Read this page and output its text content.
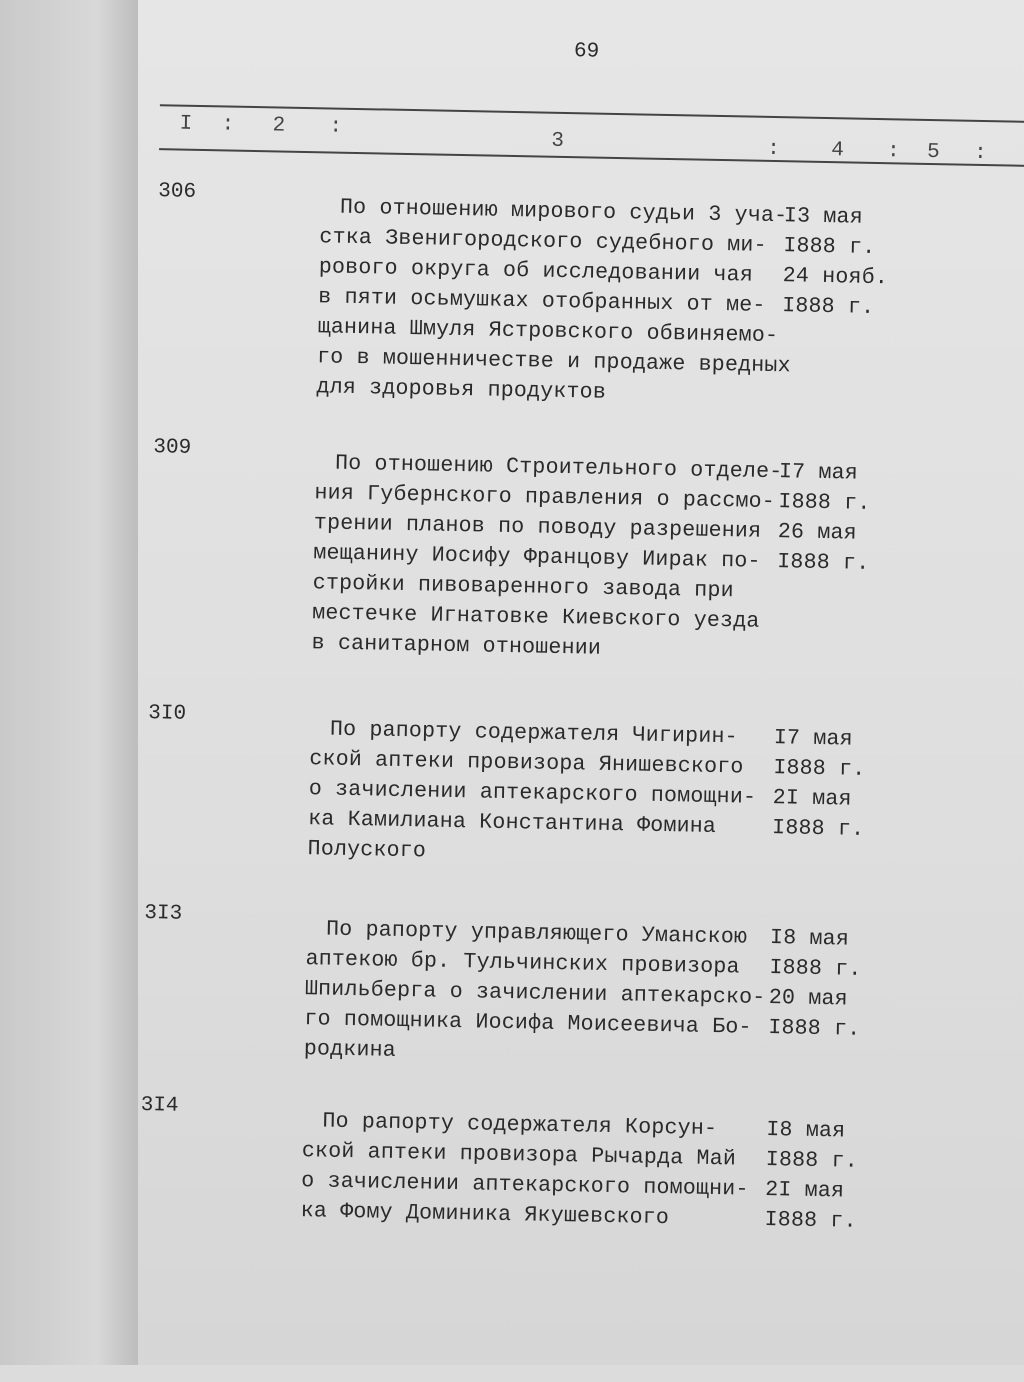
69
I : 2 :
3	: 4 : 5 :
306
По отношению мирового судьи 3 уча-
стка Звенигородского судебного ми-
рового округа об исследовании чая
в пяти осьмушках отобранных от ме-
щанина Шмуля Ястровского обвиняемо-
го в мошенничестве и продаже вредных
для здоровья продуктов
I3 мая
I888 г.
24 нояб.
I888 г.
309
По отношению Строительного отделе-
ния Губернского правления о рассмо-
трении планов по поводу разрешения
мещанину Иосифу Францову Иирак по-
стройки пивоваренного завода при
местечке Игнатовке Киевского уезда
в санитарном отношении
I7 мая
I888 г.
26 мая
I888 г.
3I0
По рапорту содержателя Чигирин-
ской аптеки провизора Янишевского
о зачислении аптекарского помощни-
ка Камилиана Константина Фомина
Полуского
I7 мая
I888 г.
2I мая
I888 г.
3I3
По рапорту управляющего Уманскою
аптекою бр. Тульчинских провизора
Шпильберга о зачислении аптекарско-
го помощника Иосифа Моисеевича Бо-
родкина
I8 мая
I888 г.
20 мая
I888 г.
3I4
По рапорту содержателя Корсун-
ской аптеки провизора Рычарда Май
о зачислении аптекарского помощни-
ка Фому Доминика Якушевского
I8 мая
I888 г.
2I мая
I888 г.
